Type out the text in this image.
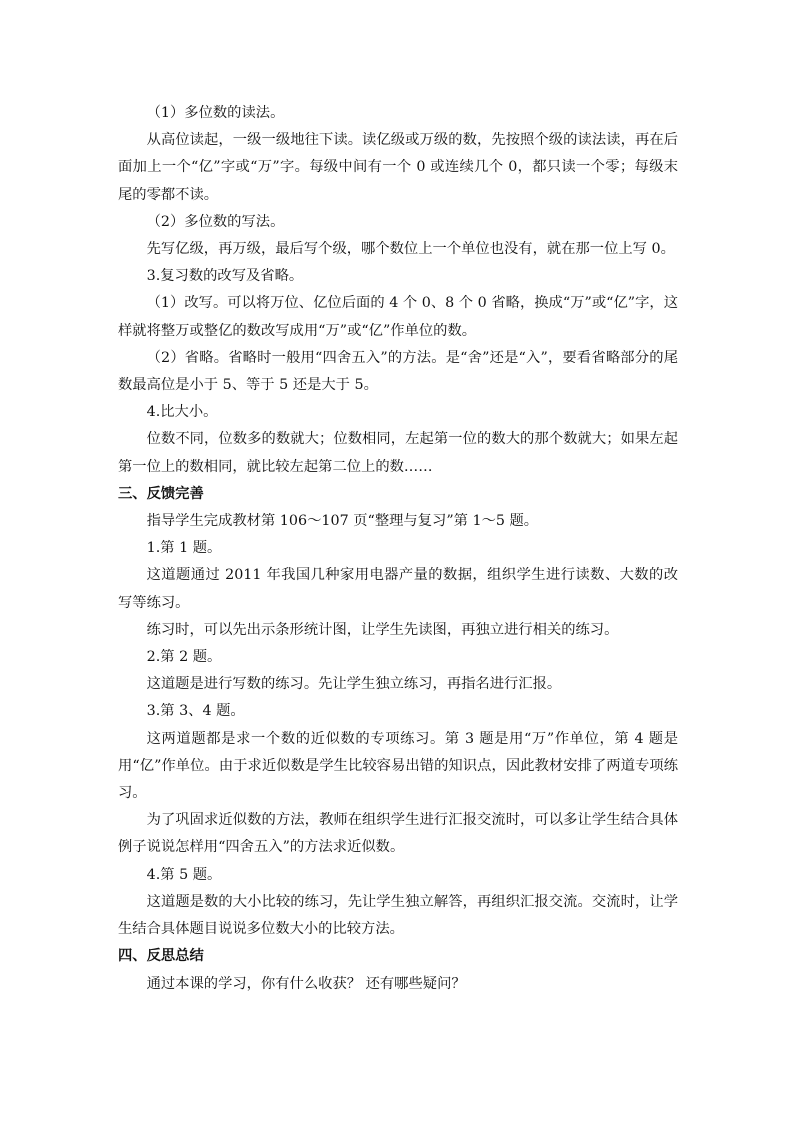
（1）多位数的读法。

从高位读起，一级一级地往下读。读亿级或万级的数，先按照个级的读法读，再在后面加上一个“亿”字或“万”字。每级中间有一个 0 或连续几个 0，都只读一个零；每级末尾的零都不读。

（2）多位数的写法。

先写亿级，再万级，最后写个级，哪个数位上一个单位也没有，就在那一位上写 0。

3.复习数的改写及省略。

（1）改写。可以将万位、亿位后面的 4 个 0、8 个 0 省略，换成“万”或“亿”字，这样就将整万或整亿的数改写成用“万”或“亿”作单位的数。

（2）省略。省略时一般用“四舍五入”的方法。是“舍”还是“入”，要看省略部分的尾数最高位是小于 5、等于 5 还是大于 5。

4.比大小。

位数不同，位数多的数就大；位数相同，左起第一位的数大的那个数就大；如果左起第一位上的数相同，就比较左起第二位上的数……

三、反馈完善

指导学生完成教材第 106～107 页“整理与复习”第 1～5 题。

1.第 1 题。

这道题通过 2011 年我国几种家用电器产量的数据，组织学生进行读数、大数的改写等练习。

练习时，可以先出示条形统计图，让学生先读图，再独立进行相关的练习。

2.第 2 题。

这道题是进行写数的练习。先让学生独立练习，再指名进行汇报。

3.第 3、4 题。

这两道题都是求一个数的近似数的专项练习。第 3 题是用“万”作单位，第 4 题是用“亿”作单位。由于求近似数是学生比较容易出错的知识点，因此教材安排了两道专项练习。

为了巩固求近似数的方法，教师在组织学生进行汇报交流时，可以多让学生结合具体例子说说怎样用“四舍五入”的方法求近似数。

4.第 5 题。

这道题是数的大小比较的练习，先让学生独立解答，再组织汇报交流。交流时，让学生结合具体题目说说多位数大小的比较方法。

四、反思总结

通过本课的学习，你有什么收获？ 还有哪些疑问？
